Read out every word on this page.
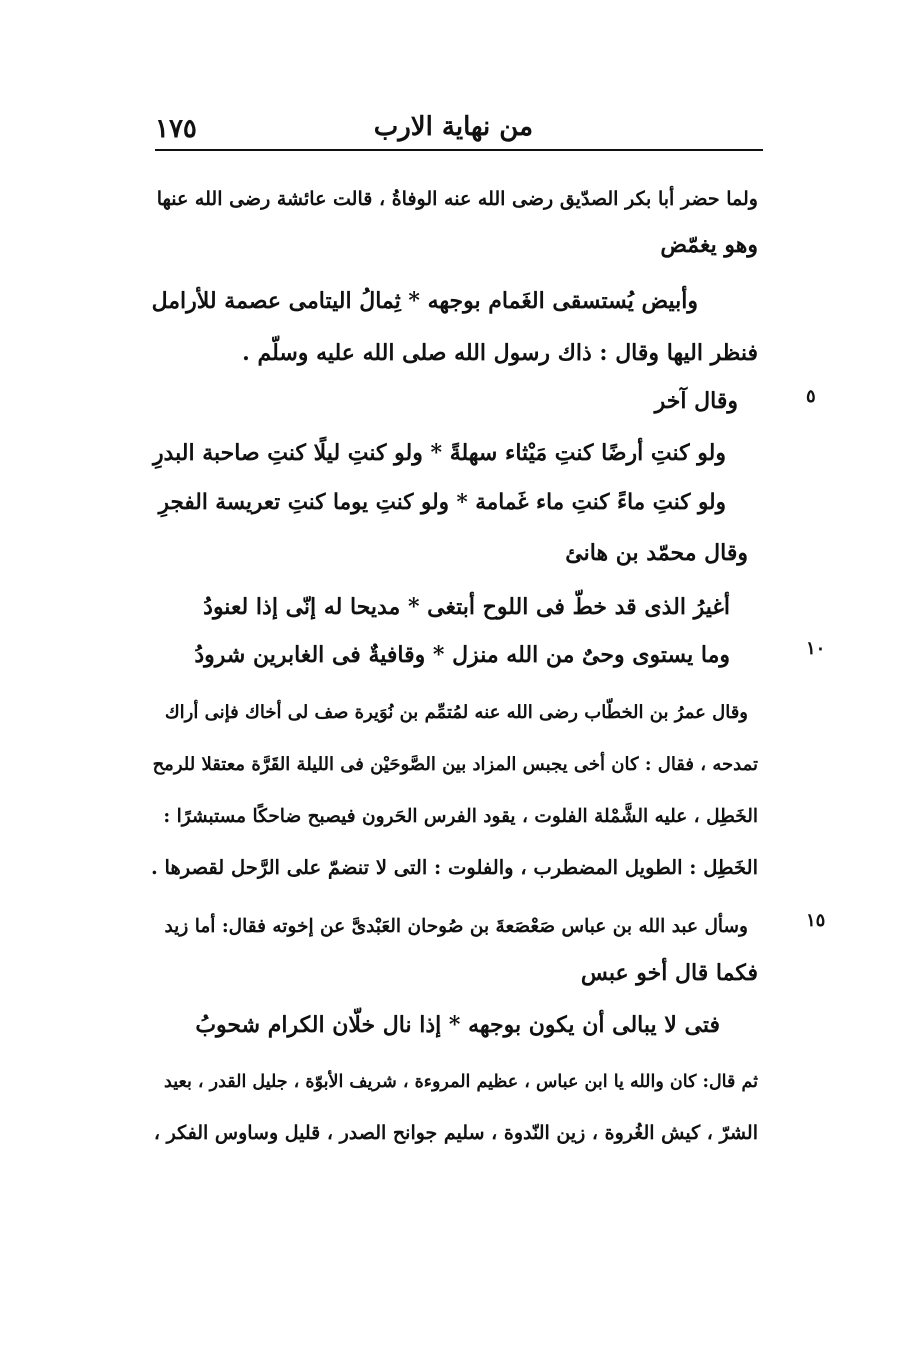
١٧٥	من نهاية الارب
٥
١٠
١٥
ولما حضر أبا بكر الصدّيق رضى الله عنه الوفاةُ ، قالت عائشة رضى الله عنها
وهو يغمّض
وأبيض يُستسقى الغَمام بوجهه * ثِمالُ اليتامى عصمة للأرامل
فنظر اليها وقال : ذاك رسول الله صلى الله عليه وسلّم .
وقال آخر
ولو كنتِ أرضًا كنتِ مَيْثاء سهلةً * ولو كنتِ ليلًا كنتِ صاحبة البدرِ
ولو كنتِ ماءً كنتِ ماء غَمامة * ولو كنتِ يوما كنتِ تعريسة الفجرِ
وقال محمّد بن هانئ
أغيرُ الذى قد خطّ فى اللوح أبتغى * مديحا له إنّى إذا لعنودُ
وما يستوى وحىٌ من الله منزل * وقافيةٌ فى الغابرين شرودُ
وقال عمرُ بن الخطّاب رضى الله عنه لمُتمِّم بن نُوَيرة صف لى أخاك فإنى أراك
تمدحه ، فقال : كان أخى يجبس المزاد بين الصَّوحَيْن فى الليلة القَرَّة معتقلا للرمح
الخَطِل ، عليه الشَّمْلة الفلوت ، يقود الفرس الحَرون فيصبح ضاحكًا مستبشرًا :
الخَطِل : الطويل المضطرب ، والفلوت : التى لا تنضمّ على الرَّحل لقصرها .
وسأل عبد الله بن عباس صَعْصَعةَ بن صُوحان العَبْدىَّ عن إخوته فقال: أما زيد
فكما قال أخو عبس
فتى لا يبالى أن يكون بوجهه * إذا نال خلّان الكرام شحوبُ
ثم قال: كان والله يا ابن عباس ، عظيم المروءة ، شريف الأبوّة ، جليل القدر ، بعيد
الشرّ ، كيش الغُروة ، زين النّدوة ، سليم جوانح الصدر ، قليل وساوس الفكر ،
